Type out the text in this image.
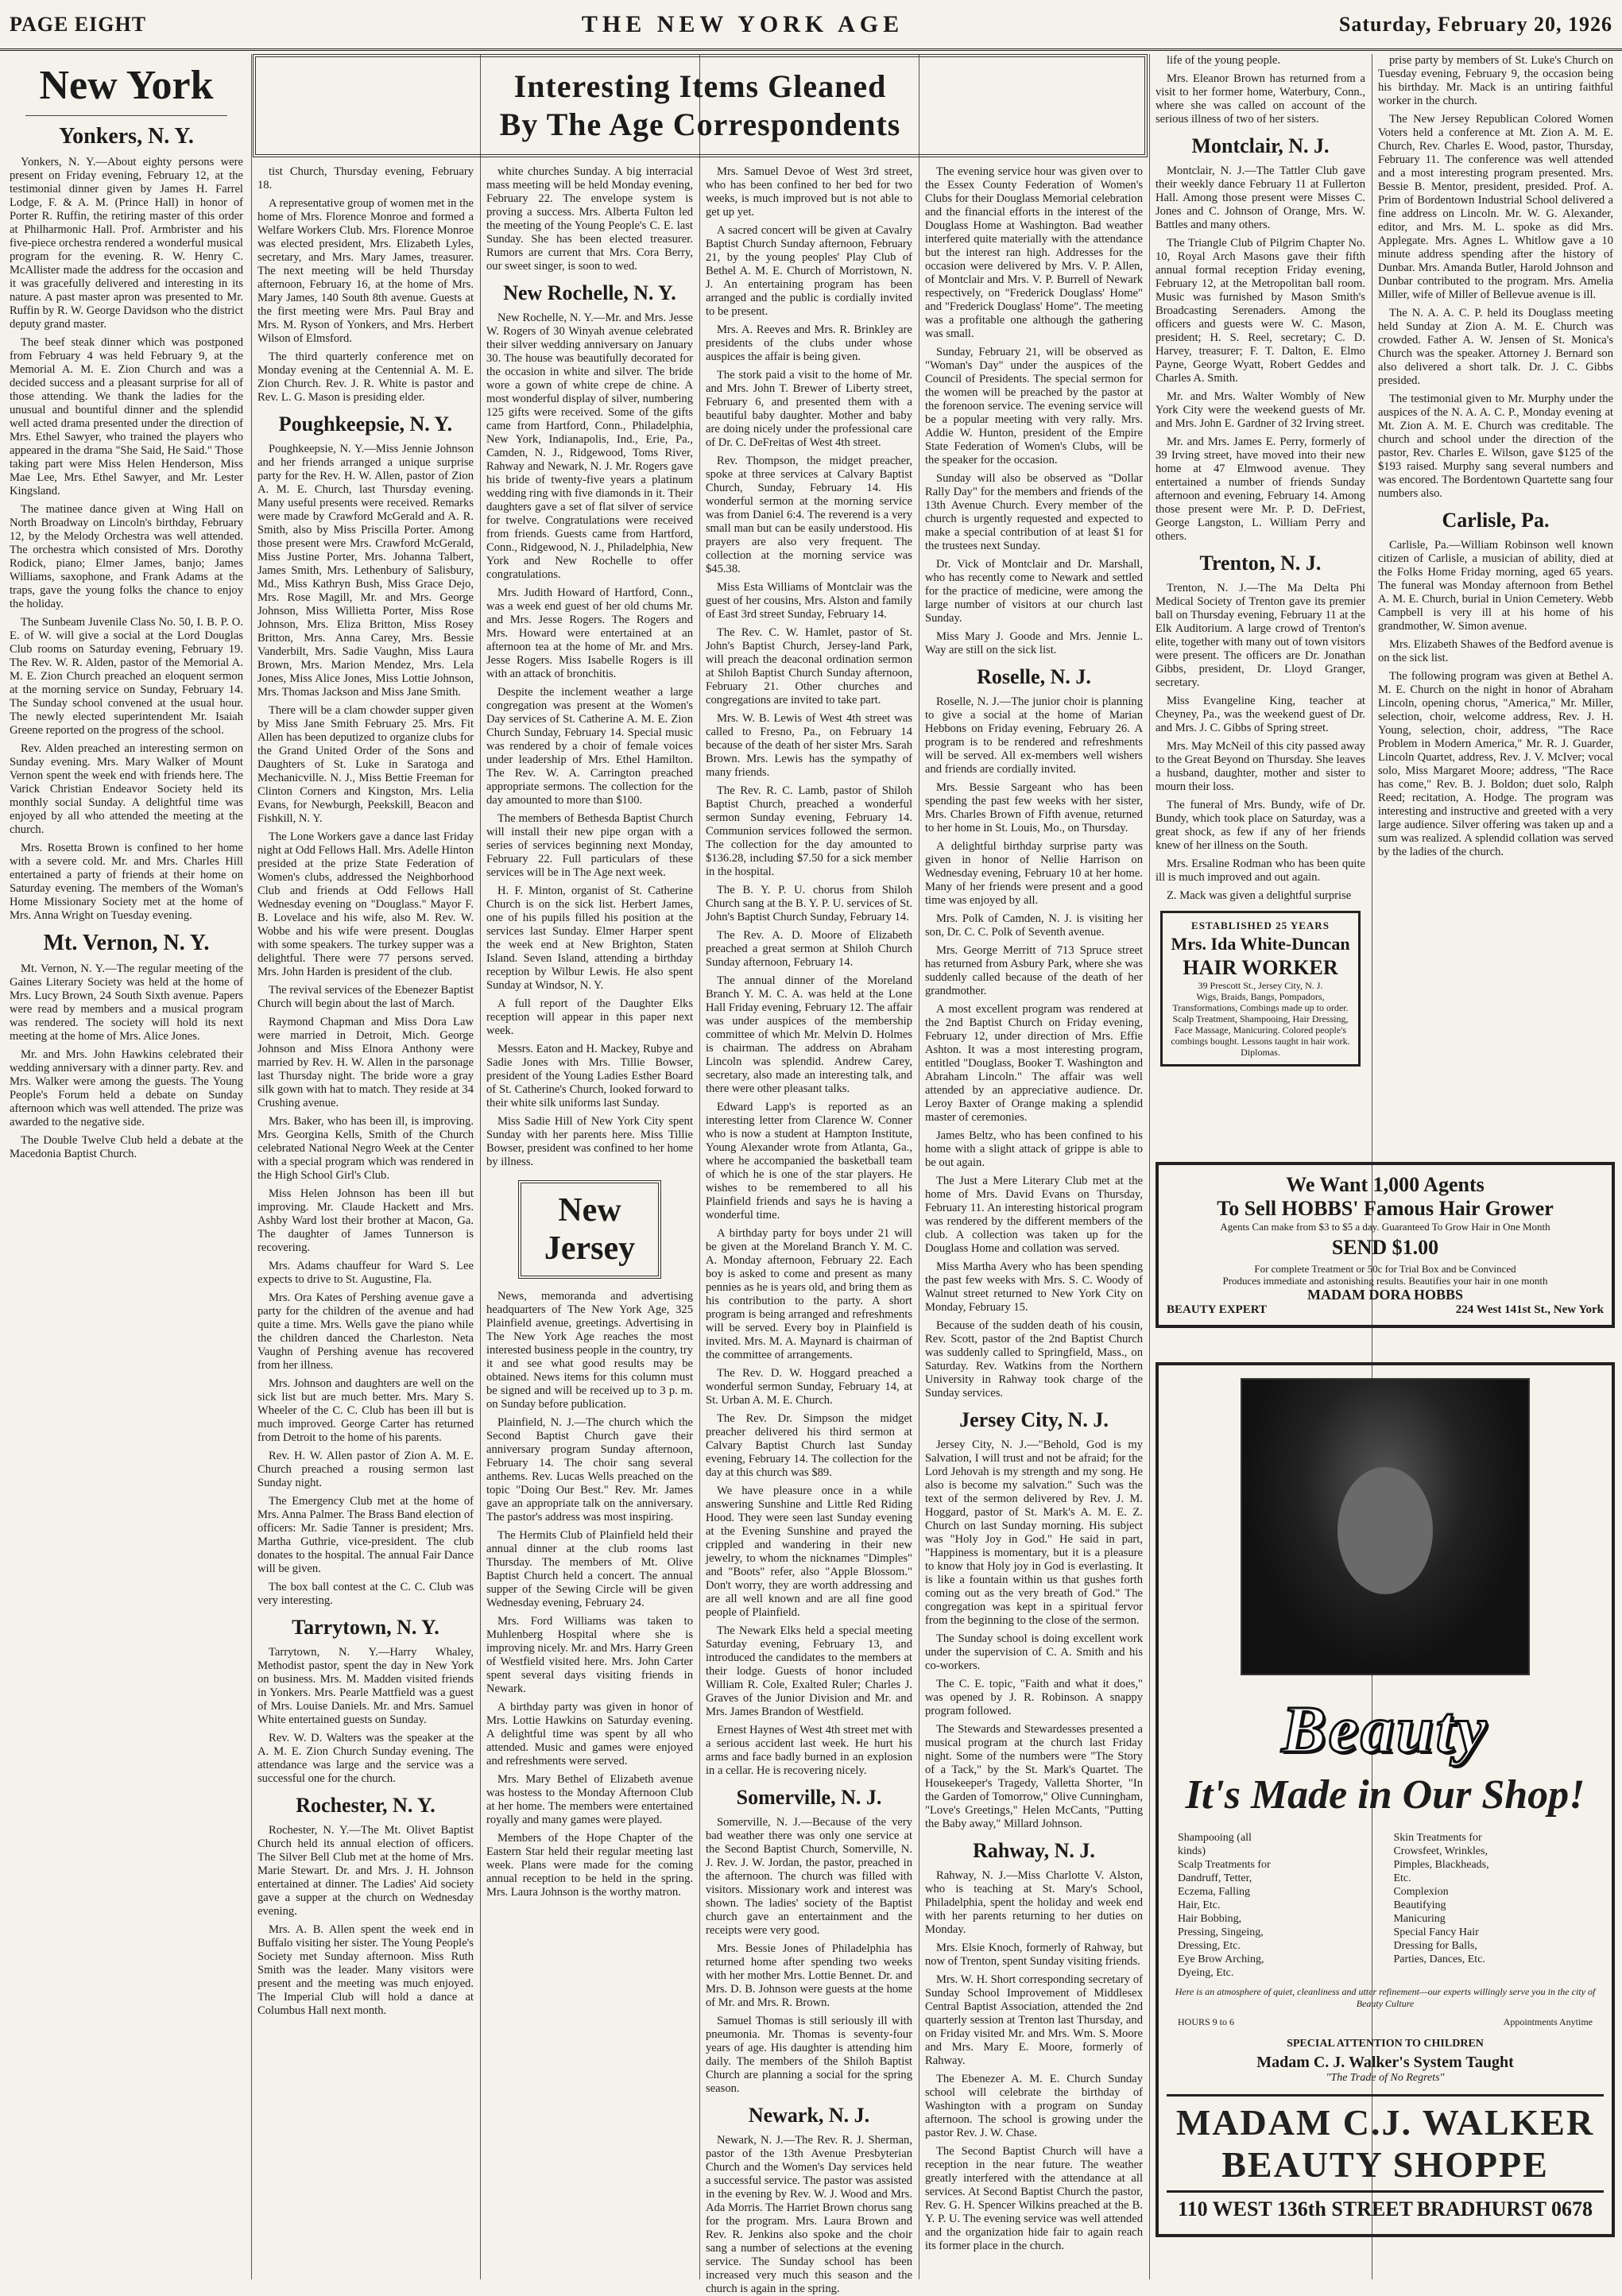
PAGE EIGHT	THE NEW YORK AGE	Saturday, February 20, 1926
Interesting Items Gleaned
By The Age Correspondents
New York
Yonkers, N. Y.

Yonkers, N. Y.—About eighty persons were present on Friday evening, February 12, at the testimonial dinner given by James H. Farrel Lodge, F. & A. M. (Prince Hall) in honor of Porter R. Ruffin, the retiring master of this order at Philharmonic Hall. Prof. Armbrister and his five-piece orchestra rendered a wonderful musical program for the evening. R. W. Henry C. McAllister made the address for the occasion and it was gracefully delivered and interesting in its nature. A past master apron was presented to Mr. Ruffin by R. W. George Davidson who the district deputy grand master.

The beef steak dinner which was postponed from February 4 was held February 9, at the Memorial A. M. E. Zion Church and was a decided success and a pleasant surprise for all of those attending. We thank the ladies for the unusual and bountiful dinner and the splendid well acted drama presented under the direction of Mrs. Ethel Sawyer, who trained the players who appeared in the drama "She Said, He Said." Those taking part were Miss Helen Henderson, Miss Mae Lee, Mrs. Ethel Sawyer, and Mr. Lester Kingsland.

The matinee dance given at Wing Hall on North Broadway on Lincoln's birthday, February 12, by the Melody Orchestra was well attended. The orchestra which consisted of Mrs. Dorothy Rodick, piano; Elmer James, banjo; James Williams, saxophone, and Frank Adams at the traps, gave the young folks the chance to enjoy the holiday.

The Sunbeam Juvenile Class No. 50, I. B. P. O. E. of W. will give a social at the Lord Douglas Club rooms on Saturday evening, February 19. The Rev. W. R. Alden, pastor of the Memorial A. M. E. Zion Church preached an eloquent sermon at the morning service on Sunday, February 14. The Sunday school convened at the usual hour. The newly elected superintendent Mr. Isaiah Greene reported on the progress of the school.

Rev. Alden preached an interesting sermon on Sunday evening. Mrs. Mary Walker of Mount Vernon spent the week end with friends here. The Varick Christian Endeavor Society held its monthly social Sunday. A delightful time was enjoyed by all who attended the meeting at the church.

Mrs. Rosetta Brown is confined to her home with a severe cold. Mr. and Mrs. Charles Hill entertained a party of friends at their home on Saturday evening. The members of the Woman's Home Missionary Society met at the home of Mrs. Anna Wright on Tuesday evening.

Mt. Vernon, N. Y.

Mt. Vernon, N. Y.—The regular meeting of the Gaines Literary Society was held at the home of Mrs. Lucy Brown, 24 South Sixth avenue. Papers were read by members and a musical program was rendered. The society will hold its next meeting at the home of Mrs. Alice Jones.

Mr. and Mrs. John Hawkins celebrated their wedding anniversary with a dinner party. Rev. and Mrs. Walker were among the guests. The Young People's Forum held a debate on Sunday afternoon which was well attended. The prize was awarded to the negative side.

The Double Twelve Club held a debate at the Macedonia Baptist Church.

tist Church, Thursday evening, February 18.

A representative group of women met in the home of Mrs. Florence Monroe and formed a Welfare Workers Club. Mrs. Florence Monroe was elected president, Mrs. Elizabeth Lyles, secretary, and Mrs. Mary James, treasurer. The next meeting will be held Thursday afternoon, February 16, at the home of Mrs. Mary James, 140 South 8th avenue. Guests at the first meeting were Mrs. Paul Bray and Mrs. M. Ryson of Yonkers, and Mrs. Herbert Wilson of Elmsford.

The third quarterly conference met on Monday evening at the Centennial A. M. E. Zion Church. Rev. J. R. White is pastor and Rev. L. G. Mason is presiding elder.

Poughkeepsie, N. Y.

Poughkeepsie, N. Y.—Miss Jennie Johnson and her friends arranged a unique surprise party for the Rev. H. W. Allen, pastor of Zion A. M. E. Church, last Thursday evening. Many useful presents were received. Remarks were made by Crawford McGerald and A. R. Smith, also by Miss Priscilla Porter. Among those present were Mrs. Crawford McGerald, Miss Justine Porter, Mrs. Johanna Talbert, James Smith, Mrs. Lethenbury of Salisbury, Md., Miss Kathryn Bush, Miss Grace Dejo, Mrs. Rose Magill, Mr. and Mrs. George Johnson, Miss Willietta Porter, Miss Rose Johnson, Mrs. Eliza Britton, Miss Rosey Britton, Mrs. Anna Carey, Mrs. Bessie Vanderbilt, Mrs. Sadie Vaughn, Miss Laura Brown, Mrs. Marion Mendez, Mrs. Lela Jones, Miss Alice Jones, Miss Lottie Johnson, Mrs. Thomas Jackson and Miss Jane Smith.

There will be a clam chowder supper given by Miss Jane Smith February 25. Mrs. Fit Allen has been deputized to organize clubs for the Grand United Order of the Sons and Daughters of St. Luke in Saratoga and Mechanicville. N. J., Miss Bettie Freeman for Clinton Corners and Kingston, Mrs. Lelia Evans, for Newburgh, Peekskill, Beacon and Fishkill, N. Y.

The Lone Workers gave a dance last Friday night at Odd Fellows Hall. Mrs. Adelle Hinton presided at the prize State Federation of Women's clubs, addressed the Neighborhood Club and friends at Odd Fellows Hall Wednesday evening on "Douglass." Mayor F. B. Lovelace and his wife, also M. Rev. W. Wobbe and his wife were present. Douglas with some speakers. The turkey supper was a delightful. There were 77 persons served. Mrs. John Harden is president of the club.

The revival services of the Ebenezer Baptist Church will begin about the last of March.

Raymond Chapman and Miss Dora Law were married in Detroit, Mich. George Johnson and Miss Elnora Anthony were married by Rev. H. W. Allen in the parsonage last Thursday night. The bride wore a gray silk gown with hat to match. They reside at 34 Crushing avenue.

Mrs. Baker, who has been ill, is improving. Mrs. Georgina Kells, Smith of the Church celebrated National Negro Week at the Center with a special program which was rendered in the High School Girl's Club.

Miss Helen Johnson has been ill but improving. Mr. Claude Hackett and Mrs. Ashby Ward lost their brother at Macon, Ga. The daughter of James Tunnerson is recovering.

Mrs. Adams chauffeur for Ward S. Lee expects to drive to St. Augustine, Fla.

Mrs. Ora Kates of Pershing avenue gave a party for the children of the avenue and had quite a time. Mrs. Wells gave the piano while the children danced the Charleston. Neta Vaughn of Pershing avenue has recovered from her illness.

Mrs. Johnson and daughters are well on the sick list but are much better. Mrs. Mary S. Wheeler of the C. C. Club has been ill but is much improved. George Carter has returned from Detroit to the home of his parents.

Rev. H. W. Allen pastor of Zion A. M. E. Church preached a rousing sermon last Sunday night.

The Emergency Club met at the home of Mrs. Anna Palmer. The Brass Band election of officers: Mr. Sadie Tanner is president; Mrs. Martha Guthrie, vice-president. The club donates to the hospital. The annual Fair Dance will be given.

The box ball contest at the C. C. Club was very interesting.

Tarrytown, N. Y.

Tarrytown, N. Y.—Harry Whaley, Methodist pastor, spent the day in New York on business. Mrs. M. Madden visited friends in Yonkers. Mrs. Pearle Mattfield was a guest of Mrs. Louise Daniels. Mr. and Mrs. Samuel White entertained guests on Sunday.

Rev. W. D. Walters was the speaker at the A. M. E. Zion Church Sunday evening. The attendance was large and the service was a successful one for the church.

Rochester, N. Y.

Rochester, N. Y.—The Mt. Olivet Baptist Church held its annual election of officers. The Silver Bell Club met at the home of Mrs. Marie Stewart. Dr. and Mrs. J. H. Johnson entertained at dinner. The Ladies' Aid society gave a supper at the church on Wednesday evening.

Mrs. A. B. Allen spent the week end in Buffalo visiting her sister. The Young People's Society met Sunday afternoon. Miss Ruth Smith was the leader. Many visitors were present and the meeting was much enjoyed. The Imperial Club will hold a dance at Columbus Hall next month.

white churches Sunday. A big interracial mass meeting will be held Monday evening, February 22. The envelope system is proving a success. Mrs. Alberta Fulton led the meeting of the Young People's C. E. last Sunday. She has been elected treasurer. Rumors are current that Mrs. Cora Berry, our sweet singer, is soon to wed.

New Rochelle, N. Y.

New Rochelle, N. Y.—Mr. and Mrs. Jesse W. Rogers of 30 Winyah avenue celebrated their silver wedding anniversary on January 30. The house was beautifully decorated for the occasion in white and silver. The bride wore a gown of white crepe de chine. A most wonderful display of silver, numbering 125 gifts were received. Some of the gifts came from Hartford, Conn., Philadelphia, New York, Indianapolis, Ind., Erie, Pa., Camden, N. J., Ridgewood, Toms River, Rahway and Newark, N. J. Mr. Rogers gave his bride of twenty-five years a platinum wedding ring with five diamonds in it. Their daughters gave a set of flat silver of service for twelve. Congratulations were received from friends. Guests came from Hartford, Conn., Ridgewood, N. J., Philadelphia, New York and New Rochelle to offer congratulations.

Mrs. Judith Howard of Hartford, Conn., was a week end guest of her old chums Mr. and Mrs. Jesse Rogers. The Rogers and Mrs. Howard were entertained at an afternoon tea at the home of Mr. and Mrs. Jesse Rogers. Miss Isabelle Rogers is ill with an attack of bronchitis.

Despite the inclement weather a large congregation was present at the Women's Day services of St. Catherine A. M. E. Zion Church Sunday, February 14. Special music was rendered by a choir of female voices under leadership of Mrs. Ethel Hamilton. The Rev. W. A. Carrington preached appropriate sermons. The collection for the day amounted to more than $100.

The members of Bethesda Baptist Church will install their new pipe organ with a series of services beginning next Monday, February 22. Full particulars of these services will be in The Age next week.

H. F. Minton, organist of St. Catherine Church is on the sick list. Herbert James, one of his pupils filled his position at the services last Sunday. Elmer Harper spent the week end at New Brighton, Staten Island. Seven Island, attending a birthday reception by Wilbur Lewis. He also spent Sunday at Windsor, N. Y.

A full report of the Daughter Elks reception will appear in this paper next week.

Messrs. Eaton and H. Mackey, Rubye and Sadie Jones with Mrs. Tillie Bowser, president of the Young Ladies Esther Board of St. Catherine's Church, looked forward to their white silk uniforms last Sunday.

Miss Sadie Hill of New York City spent Sunday with her parents here. Miss Tillie Bowser, president was confined to her home by illness.

New Jersey

News, memoranda and advertising headquarters of The New York Age, 325 Plainfield avenue, greetings. Advertising in The New York Age reaches the most interested business people in the country, try it and see what good results may be obtained. News items for this column must be signed and will be received up to 3 p. m. on Sunday before publication.

Plainfield, N. J.—The church which the Second Baptist Church gave their anniversary program Sunday afternoon, February 14. The choir sang several anthems. Rev. Lucas Wells preached on the topic "Doing Our Best." Rev. Mr. James gave an appropriate talk on the anniversary. The pastor's address was most inspiring.

The Hermits Club of Plainfield held their annual dinner at the club rooms last Thursday. The members of Mt. Olive Baptist Church held a concert. The annual supper of the Sewing Circle will be given Wednesday evening, February 24.

Mrs. Ford Williams was taken to Muhlenberg Hospital where she is improving nicely. Mr. and Mrs. Harry Green of Westfield visited here. Mrs. John Carter spent several days visiting friends in Newark.

A birthday party was given in honor of Mrs. Lottie Hawkins on Saturday evening. A delightful time was spent by all who attended. Music and games were enjoyed and refreshments were served.

Mrs. Mary Bethel of Elizabeth avenue was hostess to the Monday Afternoon Club at her home. The members were entertained royally and many games were played.

Members of the Hope Chapter of the Eastern Star held their regular meeting last week. Plans were made for the coming annual reception to be held in the spring. Mrs. Laura Johnson is the worthy matron.

Mrs. Samuel Devoe of West 3rd street, who has been confined to her bed for two weeks, is much improved but is not able to get up yet.

A sacred concert will be given at Cavalry Baptist Church Sunday afternoon, February 21, by the young peoples' Play Club of Bethel A. M. E. Church of Morristown, N. J. An entertaining program has been arranged and the public is cordially invited to be present.

Mrs. A. Reeves and Mrs. R. Brinkley are presidents of the clubs under whose auspices the affair is being given.

The stork paid a visit to the home of Mr. and Mrs. John T. Brewer of Liberty street, February 6, and presented them with a beautiful baby daughter. Mother and baby are doing nicely under the professional care of Dr. C. DeFreitas of West 4th street.

Rev. Thompson, the midget preacher, spoke at three services at Calvary Baptist Church, Sunday, February 14. His wonderful sermon at the morning service was from Daniel 6:4. The reverend is a very small man but can be easily understood. His prayers are also very frequent. The collection at the morning service was $45.38.

Miss Esta Williams of Montclair was the guest of her cousins, Mrs. Alston and family of East 3rd street Sunday, February 14.

The Rev. C. W. Hamlet, pastor of St. John's Baptist Church, Jersey-land Park, will preach the deaconal ordination sermon at Shiloh Baptist Church Sunday afternoon, February 21. Other churches and congregations are invited to take part.

Mrs. W. B. Lewis of West 4th street was called to Fresno, Pa., on February 14 because of the death of her sister Mrs. Sarah Brown. Mrs. Lewis has the sympathy of many friends.

The Rev. R. C. Lamb, pastor of Shiloh Baptist Church, preached a wonderful sermon Sunday evening, February 14. Communion services followed the sermon. The collection for the day amounted to $136.28, including $7.50 for a sick member in the hospital.

The B. Y. P. U. chorus from Shiloh Church sang at the B. Y. P. U. services of St. John's Baptist Church Sunday, February 14.

The Rev. A. D. Moore of Elizabeth preached a great sermon at Shiloh Church Sunday afternoon, February 14.

The annual dinner of the Moreland Branch Y. M. C. A. was held at the Lone Hall Friday evening, February 12. The affair was under auspices of the membership committee of which Mr. Melvin D. Holmes is chairman. The address on Abraham Lincoln was splendid. Andrew Carey, secretary, also made an interesting talk, and there were other pleasant talks.

Edward Lapp's is reported as an interesting letter from Clarence W. Conner who is now a student at Hampton Institute, Young Alexander wrote from Atlanta, Ga., where he accompanied the basketball team of which he is one of the star players. He wishes to be remembered to all his Plainfield friends and says he is having a wonderful time.

A birthday party for boys under 21 will be given at the Moreland Branch Y. M. C. A. Monday afternoon, February 22. Each boy is asked to come and present as many pennies as he is years old, and bring them as his contribution to the party. A short program is being arranged and refreshments will be served. Every boy in Plainfield is invited. Mrs. M. A. Maynard is chairman of the committee of arrangements.

The Rev. D. W. Hoggard preached a wonderful sermon Sunday, February 14, at St. Urban A. M. E. Church.

The Rev. Dr. Simpson the midget preacher delivered his third sermon at Calvary Baptist Church last Sunday evening, February 14. The collection for the day at this church was $89.

We have pleasure once in a while answering Sunshine and Little Red Riding Hood. They were seen last Sunday evening at the Evening Sunshine and prayed the crippled and wandering in their new jewelry, to whom the nicknames "Dimples" and "Boots" refer, also "Apple Blossom." Don't worry, they are worth addressing and are all well known and are all fine good people of Plainfield.

The Newark Elks held a special meeting Saturday evening, February 13, and introduced the candidates to the members at their lodge. Guests of honor included William R. Cole, Exalted Ruler; Charles J. Graves of the Junior Division and Mr. and Mrs. James Brandon of Westfield.

Ernest Haynes of West 4th street met with a serious accident last week. He hurt his arms and face badly burned in an explosion in a cellar. He is recovering nicely.

Somerville, N. J.

Somerville, N. J.—Because of the very bad weather there was only one service at the Second Baptist Church, Somerville, N. J. Rev. J. W. Jordan, the pastor, preached in the afternoon. The church was filled with visitors. Missionary work and interest was shown. The ladies' society of the Baptist church gave an entertainment and the receipts were very good.

Mrs. Bessie Jones of Philadelphia has returned home after spending two weeks with her mother Mrs. Lottie Bennet. Dr. and Mrs. D. B. Johnson were guests at the home of Mr. and Mrs. R. Brown.

Samuel Thomas is still seriously ill with pneumonia. Mr. Thomas is seventy-four years of age. His daughter is attending him daily. The members of the Shiloh Baptist Church are planning a social for the spring season.

Newark, N. J.

Newark, N. J.—The Rev. R. J. Sherman, pastor of the 13th Avenue Presbyterian Church and the Women's Day services held a successful service. The pastor was assisted in the evening by Rev. W. J. Wood and Mrs. Ada Morris. The Harriet Brown chorus sang for the program. Mrs. Laura Brown and Rev. R. Jenkins also spoke and the choir sang a number of selections at the evening service. The Sunday school has been increased very much this season and the church is again in the spring.

The evening service hour was given over to the Essex County Federation of Women's Clubs for their Douglass Memorial celebration and the financial efforts in the interest of the Douglass Home at Washington. Bad weather interfered quite materially with the attendance but the interest ran high. Addresses for the occasion were delivered by Mrs. V. P. Allen, of Montclair and Mrs. V. P. Burrell of Newark respectively, on "Frederick Douglass' Home" and "Frederick Douglass' Home". The meeting was a profitable one although the gathering was small.

Sunday, February 21, will be observed as "Woman's Day" under the auspices of the Council of Presidents. The special sermon for the women will be preached by the pastor at the forenoon service. The evening service will be a popular meeting with very rally. Mrs. Addie W. Hunton, president of the Empire State Federation of Women's Clubs, will be the speaker for the occasion.

Sunday will also be observed as "Dollar Rally Day" for the members and friends of the 13th Avenue Church. Every member of the church is urgently requested and expected to make a special contribution of at least $1 for the trustees next Sunday.

Dr. Vick of Montclair and Dr. Marshall, who has recently come to Newark and settled for the practice of medicine, were among the large number of visitors at our church last Sunday.

Miss Mary J. Goode and Mrs. Jennie L. Way are still on the sick list.

Roselle, N. J.

Roselle, N. J.—The junior choir is planning to give a social at the home of Marian Hebbons on Friday evening, February 26. A program is to be rendered and refreshments will be served. All ex-members well wishers and friends are cordially invited.

Mrs. Bessie Sargeant who has been spending the past few weeks with her sister, Mrs. Charles Brown of Fifth avenue, returned to her home in St. Louis, Mo., on Thursday.

A delightful birthday surprise party was given in honor of Nellie Harrison on Wednesday evening, February 10 at her home. Many of her friends were present and a good time was enjoyed by all.

Mrs. Polk of Camden, N. J. is visiting her son, Dr. C. C. Polk of Seventh avenue.

Mrs. George Merritt of 713 Spruce street has returned from Asbury Park, where she was suddenly called because of the death of her grandmother.

A most excellent program was rendered at the 2nd Baptist Church on Friday evening, February 12, under direction of Mrs. Effie Ashton. It was a most interesting program, entitled "Douglass, Booker T. Washington and Abraham Lincoln." The affair was well attended by an appreciative audience. Dr. Leroy Baxter of Orange making a splendid master of ceremonies.

James Beltz, who has been confined to his home with a slight attack of grippe is able to be out again.

The Just a Mere Literary Club met at the home of Mrs. David Evans on Thursday, February 11. An interesting historical program was rendered by the different members of the club. A collection was taken up for the Douglass Home and collation was served.

Miss Martha Avery who has been spending the past few weeks with Mrs. S. C. Woody of Walnut street returned to New York City on Monday, February 15.

Because of the sudden death of his cousin, Rev. Scott, pastor of the 2nd Baptist Church was suddenly called to Springfield, Mass., on Saturday. Rev. Watkins from the Northern University in Rahway took charge of the Sunday services.

Jersey City, N. J.

Jersey City, N. J.—"Behold, God is my Salvation, I will trust and not be afraid; for the Lord Jehovah is my strength and my song. He also is become my salvation." Such was the text of the sermon delivered by Rev. J. M. Hoggard, pastor of St. Mark's A. M. E. Z. Church on last Sunday morning. His subject was "Holy Joy in God." He said in part, "Happiness is momentary, but it is a pleasure to know that Holy joy in God is everlasting. It is like a fountain within us that gushes forth coming out as the very breath of God." The congregation was kept in a spiritual fervor from the beginning to the close of the sermon.

The Sunday school is doing excellent work under the supervision of C. A. Smith and his co-workers.

The C. E. topic, "Faith and what it does," was opened by J. R. Robinson. A snappy program followed.

The Stewards and Stewardesses presented a musical program at the church last Friday night. Some of the numbers were "The Story of a Tack," by the St. Mark's Quartet. The Housekeeper's Tragedy, Valletta Shorter, "In the Garden of Tomorrow," Olive Cunningham, "Love's Greetings," Helen McCants, "Putting the Baby away," Millard Johnson.

Rahway, N. J.

Rahway, N. J.—Miss Charlotte V. Alston, who is teaching at St. Mary's School, Philadelphia, spent the holiday and week end with her parents returning to her duties on Monday.

Mrs. Elsie Knoch, formerly of Rahway, but now of Trenton, spent Sunday visiting friends.

Mrs. W. H. Short corresponding secretary of Sunday School Improvement of Middlesex Central Baptist Association, attended the 2nd quarterly session at Trenton last Thursday, and on Friday visited Mr. and Mrs. Wm. S. Moore and Mrs. Mary E. Moore, formerly of Rahway.

The Ebenezer A. M. E. Church Sunday school will celebrate the birthday of Washington with a program on Sunday afternoon. The school is growing under the pastor Rev. J. W. Chase.

The Second Baptist Church will have a reception in the near future. The weather greatly interfered with the attendance at all services. At Second Baptist Church the pastor, Rev. G. H. Spencer Wilkins preached at the B. Y. P. U. The evening service was well attended and the organization hide fair to again reach its former place in the church.

life of the young people.

Mrs. Eleanor Brown has returned from a visit to her former home, Waterbury, Conn., where she was called on account of the serious illness of two of her sisters.

Montclair, N. J.

Montclair, N. J.—The Tattler Club gave their weekly dance February 11 at Fullerton Hall. Among those present were Misses C. Jones and C. Johnson of Orange, Mrs. W. Battles and many others.

The Triangle Club of Pilgrim Chapter No. 10, Royal Arch Masons gave their fifth annual formal reception Friday evening, February 12, at the Metropolitan ball room. Music was furnished by Mason Smith's Broadcasting Serenaders. Among the officers and guests were W. C. Mason, president; H. S. Reel, secretary; C. D. Harvey, treasurer; F. T. Dalton, E. Elmo Payne, George Wyatt, Robert Geddes and Charles A. Smith.

Mr. and Mrs. Walter Wombly of New York City were the weekend guests of Mr. and Mrs. John E. Gardner of 32 Irving street.

Mr. and Mrs. James E. Perry, formerly of 39 Irving street, have moved into their new home at 47 Elmwood avenue. They entertained a number of friends Sunday afternoon and evening, February 14. Among those present were Mr. P. D. DeFriest, George Langston, L. William Perry and others.

Trenton, N. J.

Trenton, N. J.—The Ma Delta Phi Medical Society of Trenton gave its premier ball on Thursday evening, February 11 at the Elk Auditorium. A large crowd of Trenton's elite, together with many out of town visitors were present. The officers are Dr. Jonathan Gibbs, president, Dr. Lloyd Granger, secretary.

Miss Evangeline King, teacher at Cheyney, Pa., was the weekend guest of Dr. and Mrs. J. C. Gibbs of Spring street.

Mrs. May McNeil of this city passed away to the Great Beyond on Thursday. She leaves a husband, daughter, mother and sister to mourn their loss.

The funeral of Mrs. Bundy, wife of Dr. Bundy, which took place on Saturday, was a great shock, as few if any of her friends knew of her illness on the South.

Mrs. Ersaline Rodman who has been quite ill is much improved and out again.

Z. Mack was given a delightful surprise

ESTABLISHED 25 YEARS
Mrs. Ida White-Duncan
HAIR WORKER
39 Prescott St., Jersey City, N. J.
Wigs, Braids, Bangs, Pompadors, Transformations, Combings made up to order. Scalp Treatment, Shampooing, Hair Dressing, Face Massage, Manicuring. Colored people's combings bought. Lessons taught in hair work. Diplomas.

prise party by members of St. Luke's Church on Tuesday evening, February 9, the occasion being his birthday. Mr. Mack is an untiring faithful worker in the church.

The New Jersey Republican Colored Women Voters held a conference at Mt. Zion A. M. E. Church, Rev. Charles E. Wood, pastor, Thursday, February 11. The conference was well attended and a most interesting program presented. Mrs. Bessie B. Mentor, president, presided. Prof. A. Prim of Bordentown Industrial School delivered a fine address on Lincoln. Mr. W. G. Alexander, editor, and Mrs. M. L. spoke as did Mrs. Applegate. Mrs. Agnes L. Whitlow gave a 10 minute address spending after the history of Dunbar. Mrs. Amanda Butler, Harold Johnson and Dunbar contributed to the program. Mrs. Amelia Miller, wife of Miller of Bellevue avenue is ill.

The N. A. A. C. P. held its Douglass meeting held Sunday at Zion A. M. E. Church was crowded. Father A. W. Jensen of St. Monica's Church was the speaker. Attorney J. Bernard son also delivered a short talk. Dr. J. C. Gibbs presided.

The testimonial given to Mr. Murphy under the auspices of the N. A. A. C. P., Monday evening at Mt. Zion A. M. E. Church was creditable. The church and school under the direction of the pastor, Rev. Charles E. Wilson, gave $125 of the $193 raised. Murphy sang several numbers and was encored. The Bordentown Quartette sang four numbers also.

Carlisle, Pa.

Carlisle, Pa.—William Robinson well known citizen of Carlisle, a musician of ability, died at the Folks Home Friday morning, aged 65 years. The funeral was Monday afternoon from Bethel A. M. E. Church, burial in Union Cemetery. Webb Campbell is very ill at his home of his grandmother, W. Simon avenue.

Mrs. Elizabeth Shawes of the Bedford avenue is on the sick list.

The following program was given at Bethel A. M. E. Church on the night in honor of Abraham Lincoln, opening chorus, "America," Mr. Miller, selection, choir, welcome address, Rev. J. H. Young, selection, choir, address, "The Race Problem in Modern America," Mr. R. J. Guarder, Lincoln Quartet, address, Rev. J. V. McIver; vocal solo, Miss Margaret Moore; address, "The Race has come," Rev. B. J. Boldon; duet solo, Ralph Reed; recitation, A. Hodge. The program was interesting and instructive and greeted with a very large audience. Silver offering was taken up and a sum was realized. A splendid collation was served by the ladies of the church.

We Want 1,000 Agents
To Sell HOBBS' Famous Hair Grower
Agents Can make from $3 to $5 a day. Guaranteed To Grow Hair in One Month
SEND $1.00
For complete Treatment or 50c for Trial Box and be Convinced
Produces immediate and astonishing results. Beautifies your hair in one month
MADAM DORA HOBBS
BEAUTY EXPERT	224 West 141st St., New York
Beauty
It's Made in Our Shop!
Shampooing (all kinds)
Scalp Treatments for Dandruff, Tetter, Eczema, Falling Hair, Etc.
Hair Bobbing, Pressing, Singeing, Dressing, Etc.
Eye Brow Arching, Dyeing, Etc.
Skin Treatments for Crowsfeet, Wrinkles, Pimples, Blackheads, Etc.
Complexion Beautifying
Manicuring
Special Fancy Hair Dressing for Balls, Parties, Dances, Etc.
Here is an atmosphere of quiet, cleanliness and utter refinement—our experts willingly serve you in the city of Beauty Culture
HOURS 9 to 6	Appointments Anytime
SPECIAL ATTENTION TO CHILDREN
Madam C. J. Walker's System Taught
"The Trade of No Regrets"
MADAM C.J. WALKER BEAUTY SHOPPE
110 WEST 136th STREET BRADHURST 0678
